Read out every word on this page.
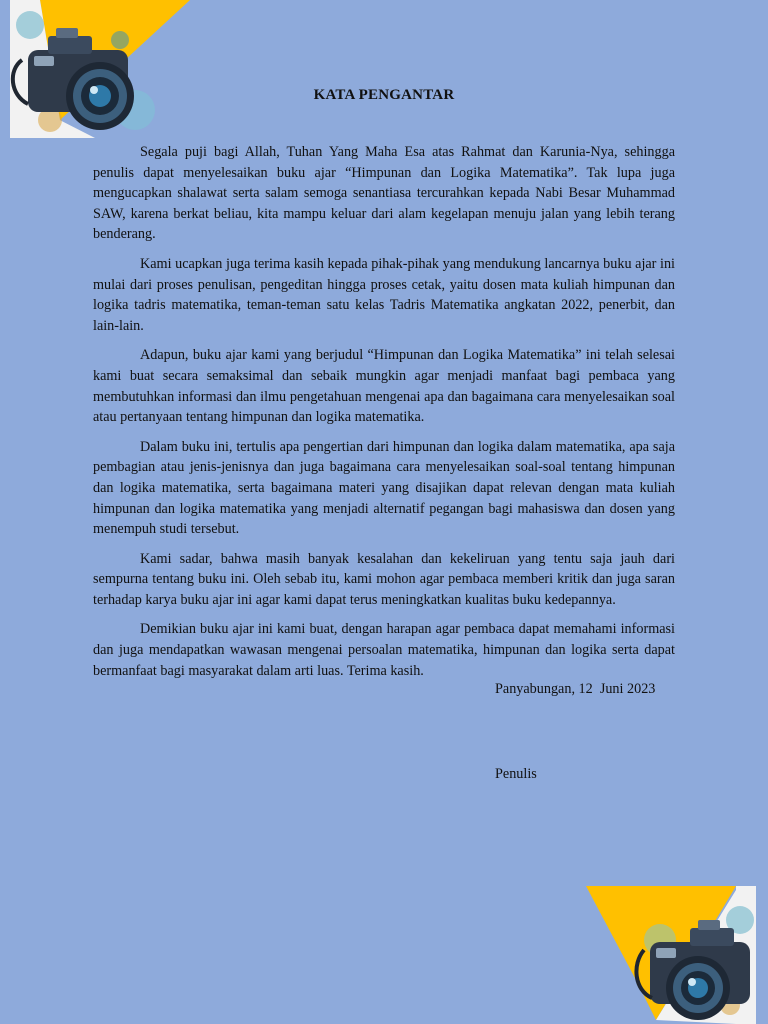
KATA PENGANTAR

Segala puji bagi Allah, Tuhan Yang Maha Esa atas Rahmat dan Karunia-Nya, sehingga penulis dapat menyelesaikan buku ajar “Himpunan dan Logika Matematika”. Tak lupa juga mengucapkan shalawat serta salam semoga senantiasa tercurahkan kepada Nabi Besar Muhammad SAW, karena berkat beliau, kita mampu keluar dari alam kegelapan menuju jalan yang lebih terang benderang.

Kami ucapkan juga terima kasih kepada pihak-pihak yang mendukung lancarnya buku ajar ini mulai dari proses penulisan, pengeditan hingga proses cetak, yaitu dosen mata kuliah himpunan dan logika tadris matematika, teman-teman satu kelas Tadris Matematika angkatan 2022, penerbit, dan lain-lain.

Adapun, buku ajar kami yang berjudul “Himpunan dan Logika Matematika” ini telah selesai kami buat secara semaksimal dan sebaik mungkin agar menjadi manfaat bagi pembaca yang membutuhkan informasi dan ilmu pengetahuan mengenai apa dan bagaimana cara menyelesaikan soal atau pertanyaan tentang himpunan dan logika matematika.

Dalam buku ini, tertulis apa pengertian dari himpunan dan logika dalam matematika, apa saja pembagian atau jenis-jenisnya dan juga bagaimana cara menyelesaikan soal-soal tentang himpunan dan logika matematika, serta bagaimana materi yang disajikan dapat relevan dengan mata kuliah himpunan dan logika matematika yang menjadi alternatif pegangan bagi mahasiswa dan dosen yang menempuh studi tersebut.

Kami sadar, bahwa masih banyak kesalahan dan kekeliruan yang tentu saja jauh dari sempurna tentang buku ini. Oleh sebab itu, kami mohon agar pembaca memberi kritik dan juga saran terhadap karya buku ajar ini agar kami dapat terus meningkatkan kualitas buku kedepannya.

Demikian buku ajar ini kami buat, dengan harapan agar pembaca dapat memahami informasi dan juga mendapatkan wawasan mengenai persoalan matematika, himpunan dan logika serta dapat bermanfaat bagi masyarakat dalam arti luas. Terima kasih.

Panyabungan, 12  Juni 2023
Penulis
